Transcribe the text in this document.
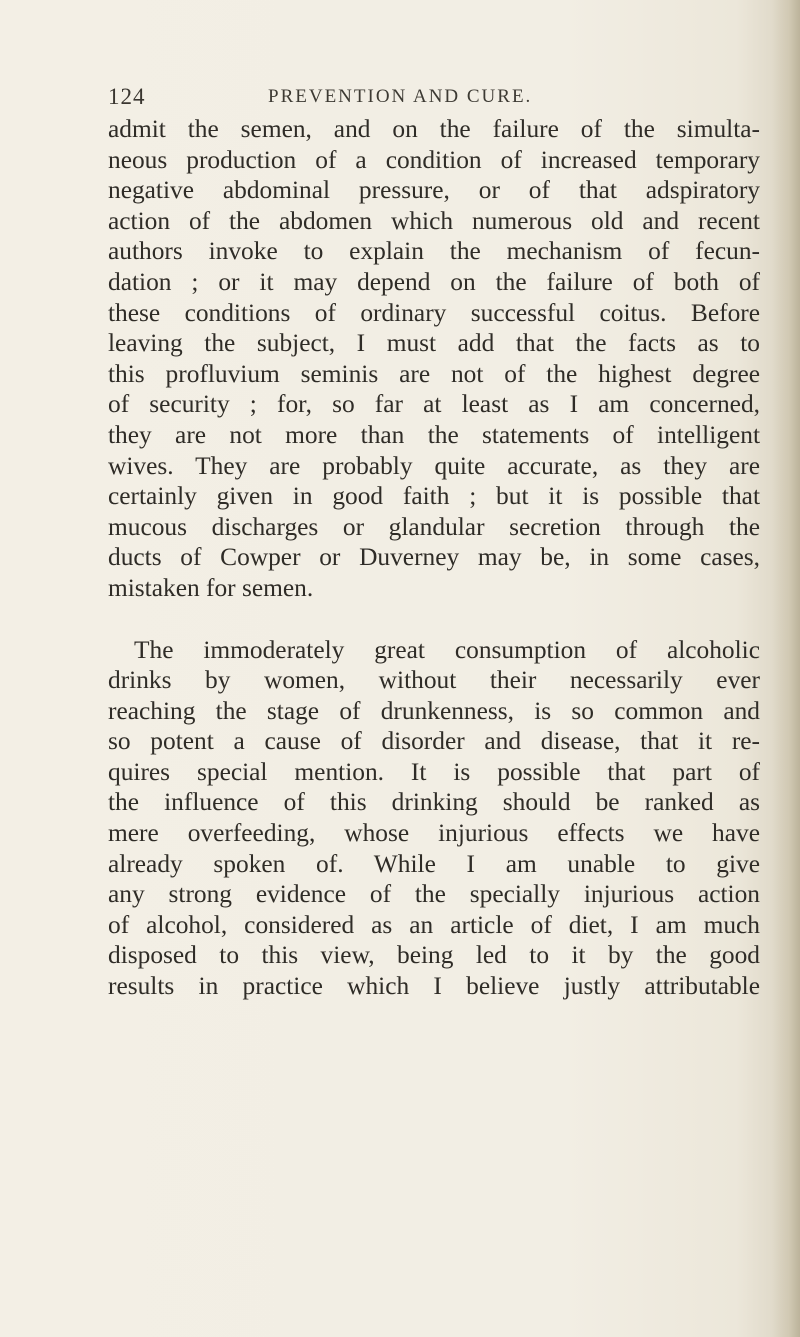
124	PREVENTION AND CURE.
admit the semen, and on the failure of the simulta-
neous production of a condition of increased temporary
negative abdominal pressure, or of that adspiratory
action of the abdomen which numerous old and recent
authors invoke to explain the mechanism of fecun-
dation ; or it may depend on the failure of both of
these conditions of ordinary successful coitus. Before
leaving the subject, I must add that the facts as to
this profluvium seminis are not of the highest degree
of security ; for, so far at least as I am concerned,
they are not more than the statements of intelligent
wives. They are probably quite accurate, as they are
certainly given in good faith ; but it is possible that
mucous discharges or glandular secretion through the
ducts of Cowper or Duverney may be, in some cases,
mistaken for semen.
The immoderately great consumption of alcoholic
drinks by women, without their necessarily ever
reaching the stage of drunkenness, is so common and
so potent a cause of disorder and disease, that it re-
quires special mention. It is possible that part of
the influence of this drinking should be ranked as
mere overfeeding, whose injurious effects we have
already spoken of. While I am unable to give
any strong evidence of the specially injurious action
of alcohol, considered as an article of diet, I am much
disposed to this view, being led to it by the good
results in practice which I believe justly attributable
